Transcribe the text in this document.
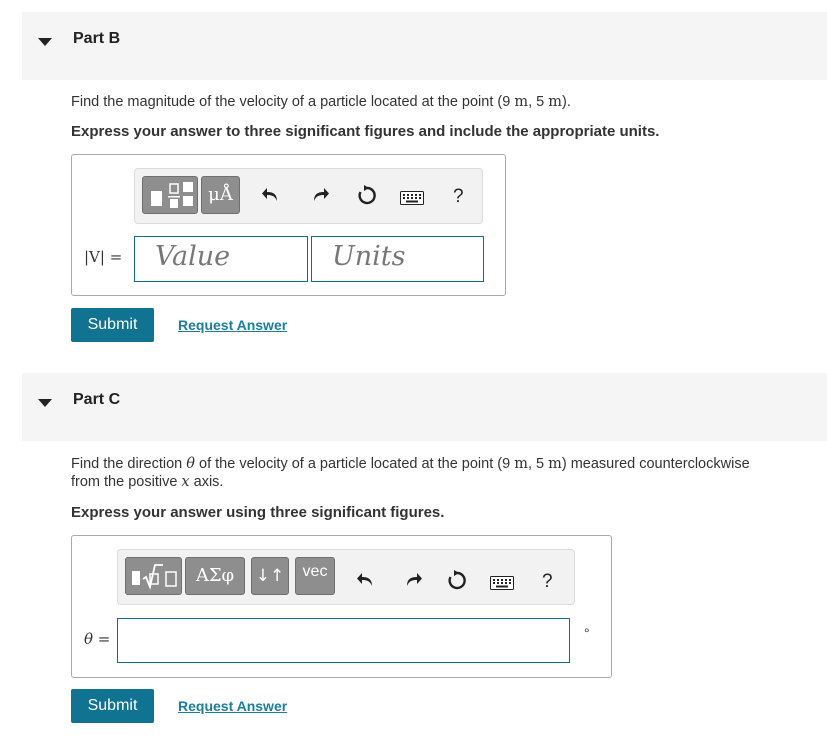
Part B
Find the magnitude of the velocity of a particle located at the point (9 m, 5 m).
Express your answer to three significant figures and include the appropriate units.
μÅ	?
|V| = Value	Units
Submit	Request Answer
Part C
Find the direction θ of the velocity of a particle located at the point (9 m, 5 m) measured counterclockwise
from the positive x axis.
Express your answer using three significant figures.
ΑΣφ	↓↑	vec	?
θ =	°
Submit	Request Answer
